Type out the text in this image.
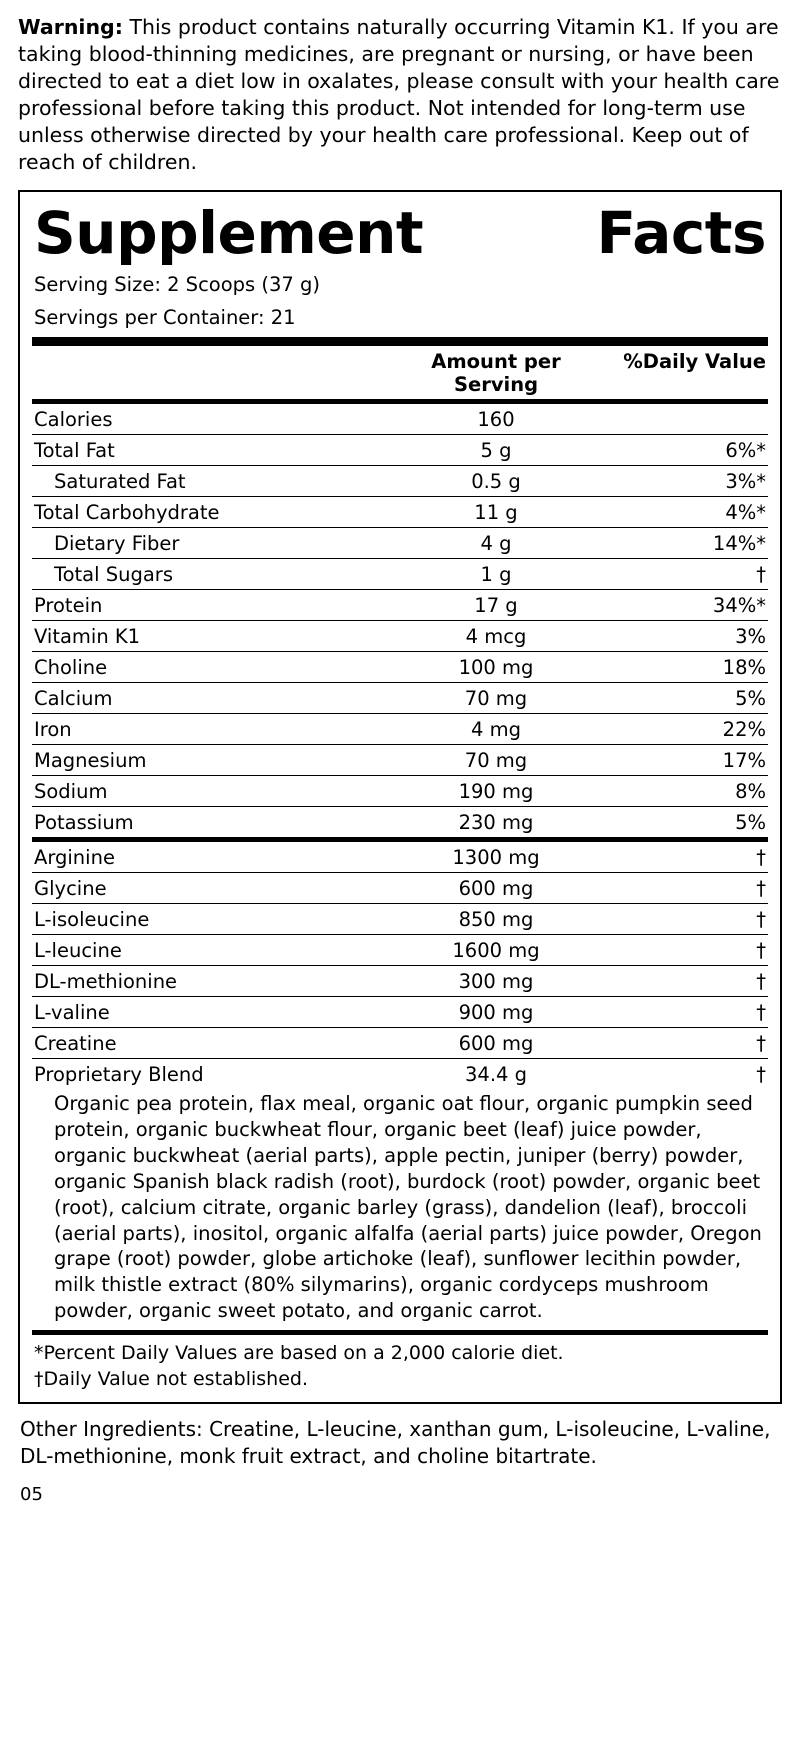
Warning: This product contains naturally occurring Vitamin K1. If you are taking blood-thinning medicines, are pregnant or nursing, or have been directed to eat a diet low in oxalates, please consult with your health care professional before taking this product. Not intended for long-term use unless otherwise directed by your health care professional. Keep out of reach of children.

Supplement	Facts
Serving Size: 2 Scoops (37 g)
Servings per Container: 21
	Amount per Serving	%Daily Value
Calories	160	
Total Fat	5 g	6%*
Saturated Fat	0.5 g	3%*
Total Carbohydrate	11 g	4%*
Dietary Fiber	4 g	14%*
Total Sugars	1 g	†
Protein	17 g	34%*
Vitamin K1	4 mcg	3%
Choline	100 mg	18%
Calcium	70 mg	5%
Iron	4 mg	22%
Magnesium	70 mg	17%
Sodium	190 mg	8%
Potassium	230 mg	5%
Arginine	1300 mg	†
Glycine	600 mg	†
L-isoleucine	850 mg	†
L-leucine	1600 mg	†
DL-methionine	300 mg	†
L-valine	900 mg	†
Creatine	600 mg	†
Proprietary Blend	34.4 g	†
Organic pea protein, flax meal, organic oat flour, organic pumpkin seed protein, organic buckwheat flour, organic beet (leaf) juice powder, organic buckwheat (aerial parts), apple pectin, juniper (berry) powder, organic Spanish black radish (root), burdock (root) powder, organic beet (root), calcium citrate, organic barley (grass), dandelion (leaf), broccoli (aerial parts), inositol, organic alfalfa (aerial parts) juice powder, Oregon grape (root) powder, globe artichoke (leaf), sunflower lecithin powder, milk thistle extract (80% silymarins), organic cordyceps mushroom powder, organic sweet potato, and organic carrot.
*Percent Daily Values are based on a 2,000 calorie diet.
†Daily Value not established.

Other Ingredients: Creatine, L-leucine, xanthan gum, L-isoleucine, L-valine, DL-methionine, monk fruit extract, and choline bitartrate.

05
